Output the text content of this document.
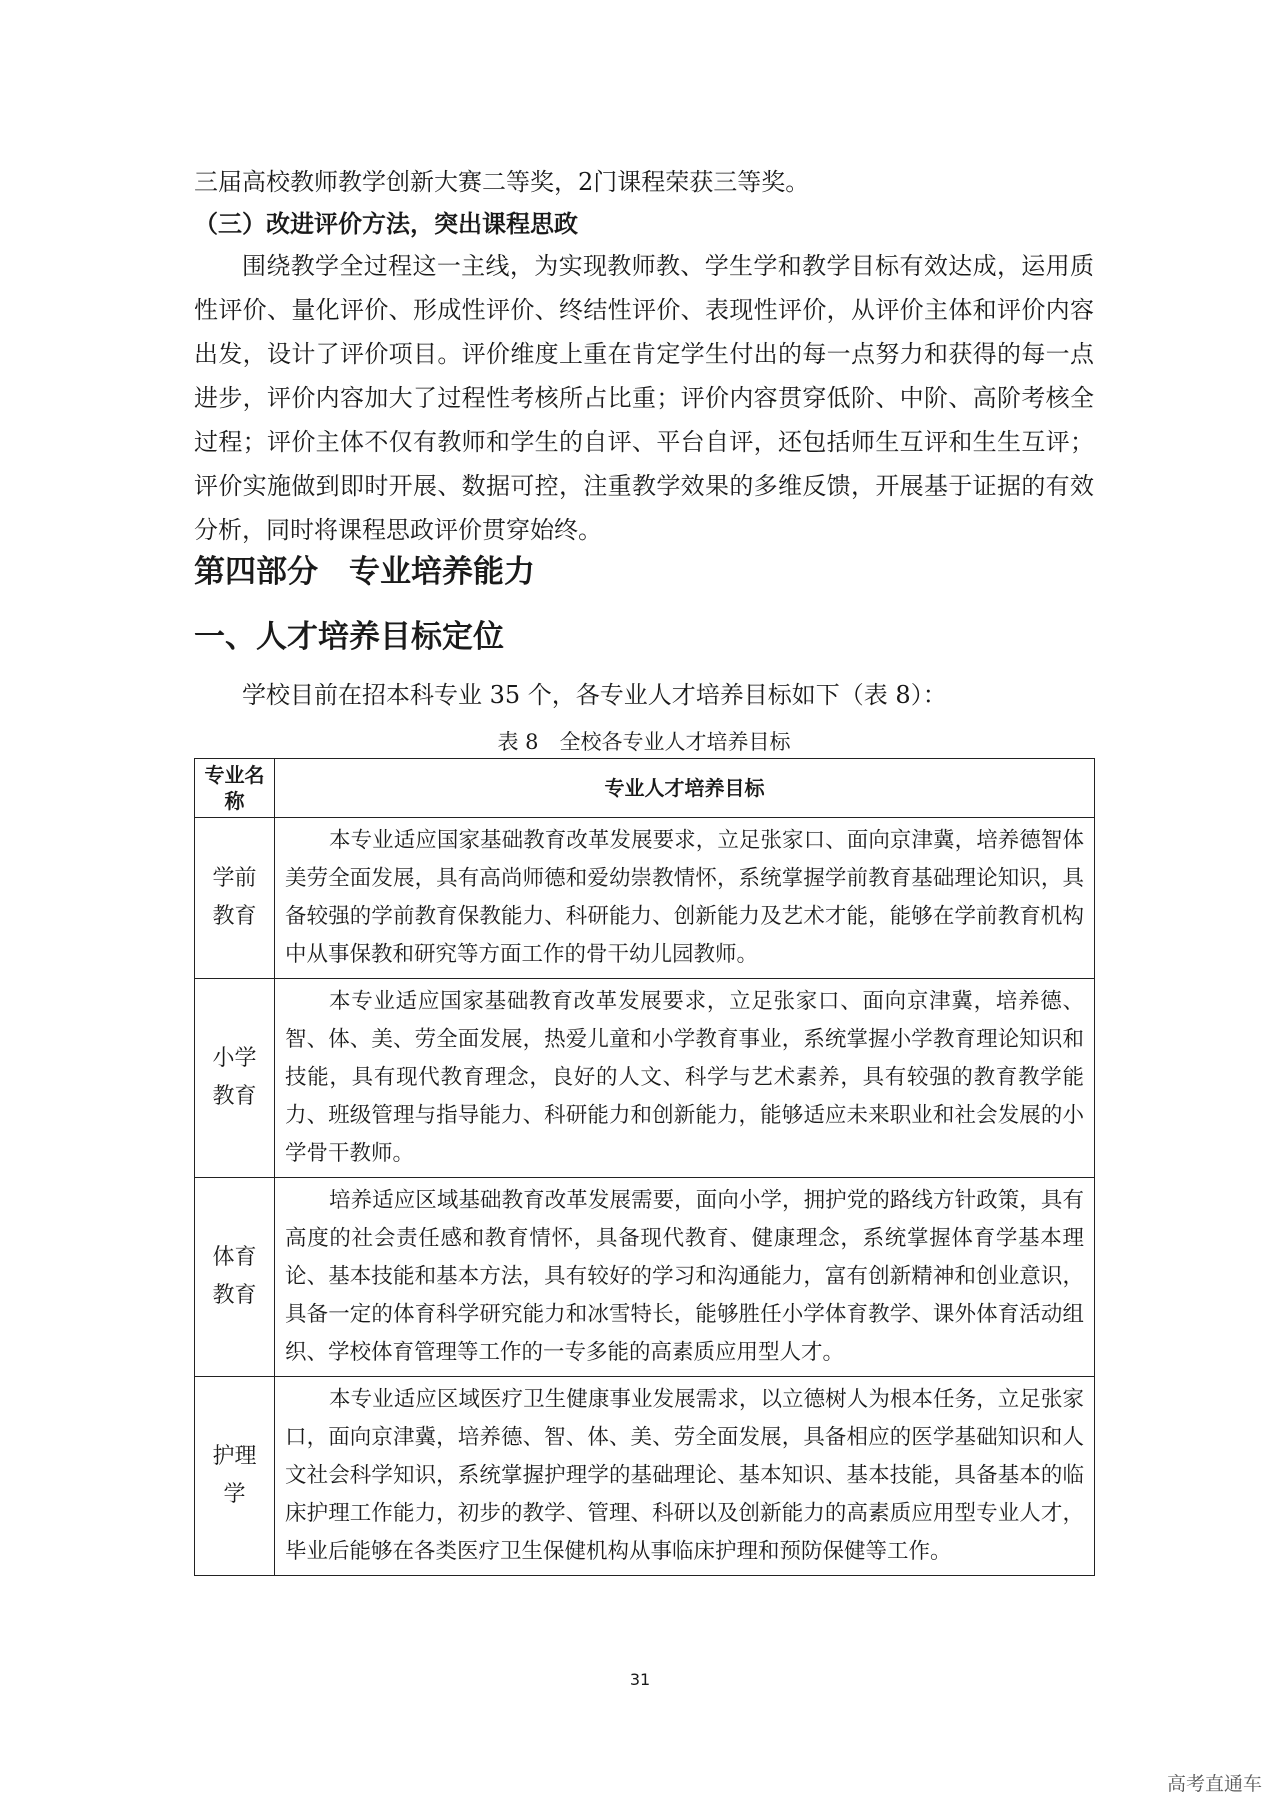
三届高校教师教学创新大赛二等奖，2门课程荣获三等奖。

（三）改进评价方法，突出课程思政

围绕教学全过程这一主线，为实现教师教、学生学和教学目标有效达成，运用质性评价、量化评价、形成性评价、终结性评价、表现性评价，从评价主体和评价内容出发，设计了评价项目。评价维度上重在肯定学生付出的每一点努力和获得的每一点进步，评价内容加大了过程性考核所占比重；评价内容贯穿低阶、中阶、高阶考核全过程；评价主体不仅有教师和学生的自评、平台自评，还包括师生互评和生生互评；评价实施做到即时开展、数据可控，注重教学效果的多维反馈，开展基于证据的有效分析，同时将课程思政评价贯穿始终。

第四部分　专业培养能力
一、人才培养目标定位

学校目前在招本科专业 35 个，各专业人才培养目标如下（表 8）：

表 8　全校各专业人才培养目标
专业名称	专业人才培养目标
学前教育	本专业适应国家基础教育改革发展要求，立足张家口、面向京津冀，培养德智体美劳全面发展，具有高尚师德和爱幼崇教情怀，系统掌握学前教育基础理论知识，具备较强的学前教育保教能力、科研能力、创新能力及艺术才能，能够在学前教育机构中从事保教和研究等方面工作的骨干幼儿园教师。
小学教育	本专业适应国家基础教育改革发展要求，立足张家口、面向京津冀，培养德、智、体、美、劳全面发展，热爱儿童和小学教育事业，系统掌握小学教育理论知识和技能，具有现代教育理念，良好的人文、科学与艺术素养，具有较强的教育教学能力、班级管理与指导能力、科研能力和创新能力，能够适应未来职业和社会发展的小学骨干教师。
体育教育	培养适应区域基础教育改革发展需要，面向小学，拥护党的路线方针政策，具有高度的社会责任感和教育情怀，具备现代教育、健康理念，系统掌握体育学基本理论、基本技能和基本方法，具有较好的学习和沟通能力，富有创新精神和创业意识，具备一定的体育科学研究能力和冰雪特长，能够胜任小学体育教学、课外体育活动组织、学校体育管理等工作的一专多能的高素质应用型人才。
护理学	本专业适应区域医疗卫生健康事业发展需求，以立德树人为根本任务，立足张家口，面向京津冀，培养德、智、体、美、劳全面发展，具备相应的医学基础知识和人文社会科学知识，系统掌握护理学的基础理论、基本知识、基本技能，具备基本的临床护理工作能力，初步的教学、管理、科研以及创新能力的高素质应用型专业人才，毕业后能够在各类医疗卫生保健机构从事临床护理和预防保健等工作。
31
高考直通车
